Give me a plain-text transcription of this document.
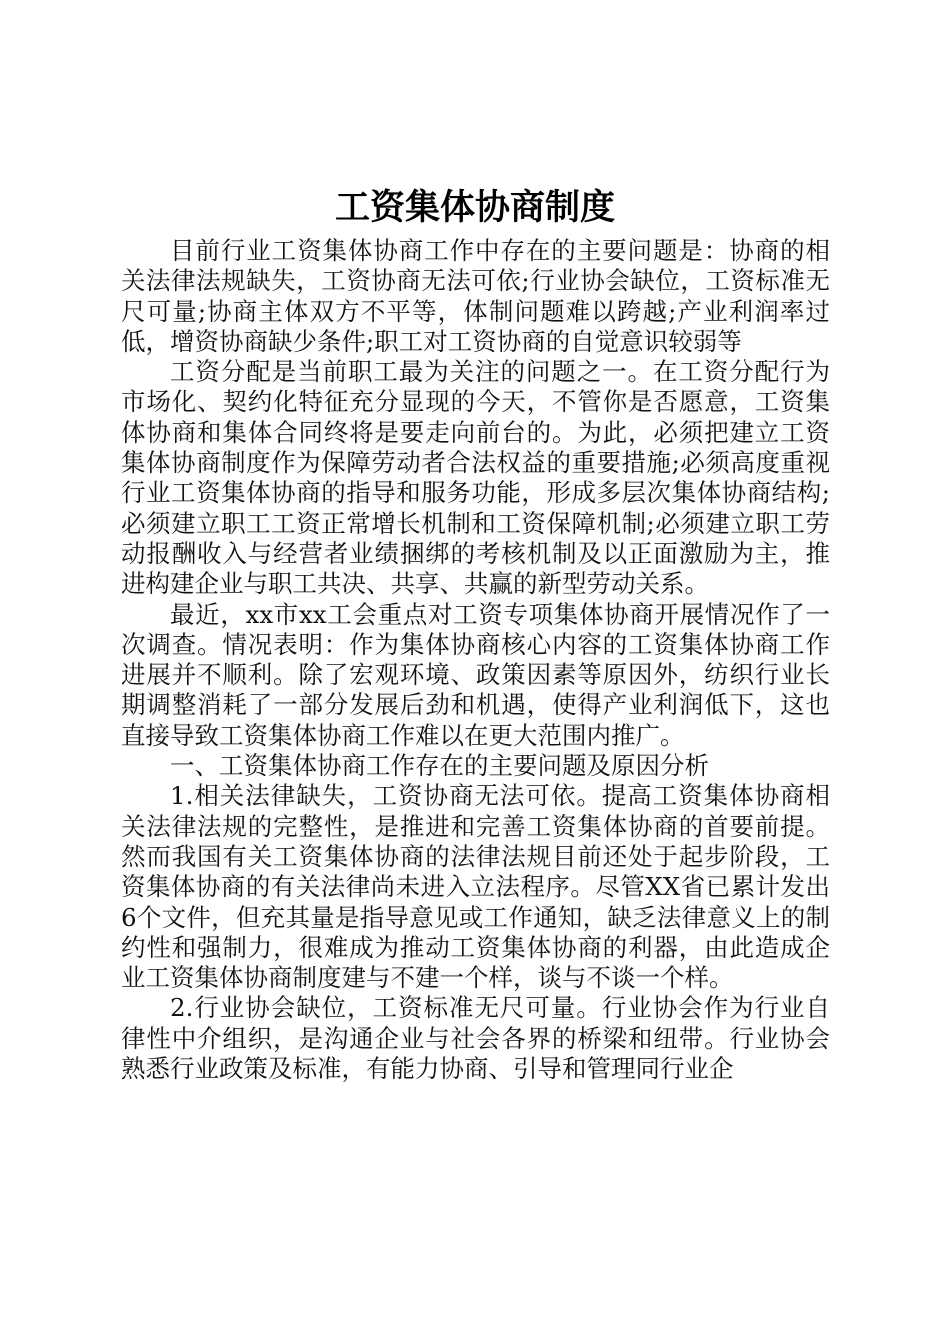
工资集体协商制度

目前行业工资集体协商工作中存在的主要问题是：协商的相关法律法规缺失，工资协商无法可依;行业协会缺位，工资标准无尺可量;协商主体双方不平等，体制问题难以跨越;产业利润率过低，增资协商缺少条件;职工对工资协商的自觉意识较弱等

工资分配是当前职工最为关注的问题之一。在工资分配行为市场化、契约化特征充分显现的今天，不管你是否愿意，工资集体协商和集体合同终将是要走向前台的。为此，必须把建立工资集体协商制度作为保障劳动者合法权益的重要措施;必须高度重视行业工资集体协商的指导和服务功能，形成多层次集体协商结构;必须建立职工工资正常增长机制和工资保障机制;必须建立职工劳动报酬收入与经营者业绩捆绑的考核机制及以正面激励为主，推进构建企业与职工共决、共享、共赢的新型劳动关系。

最近，xx市xx工会重点对工资专项集体协商开展情况作了一次调查。情况表明：作为集体协商核心内容的工资集体协商工作进展并不顺利。除了宏观环境、政策因素等原因外，纺织行业长期调整消耗了一部分发展后劲和机遇，使得产业利润低下，这也直接导致工资集体协商工作难以在更大范围内推广。

一、工资集体协商工作存在的主要问题及原因分析

1.相关法律缺失，工资协商无法可依。提高工资集体协商相关法律法规的完整性，是推进和完善工资集体协商的首要前提。然而我国有关工资集体协商的法律法规目前还处于起步阶段，工资集体协商的有关法律尚未进入立法程序。尽管XX省已累计发出6个文件，但充其量是指导意见或工作通知，缺乏法律意义上的制约性和强制力，很难成为推动工资集体协商的利器，由此造成企业工资集体协商制度建与不建一个样，谈与不谈一个样。

2.行业协会缺位，工资标准无尺可量。行业协会作为行业自律性中介组织，是沟通企业与社会各界的桥梁和纽带。行业协会熟悉行业政策及标准，有能力协商、引导和管理同行业企
